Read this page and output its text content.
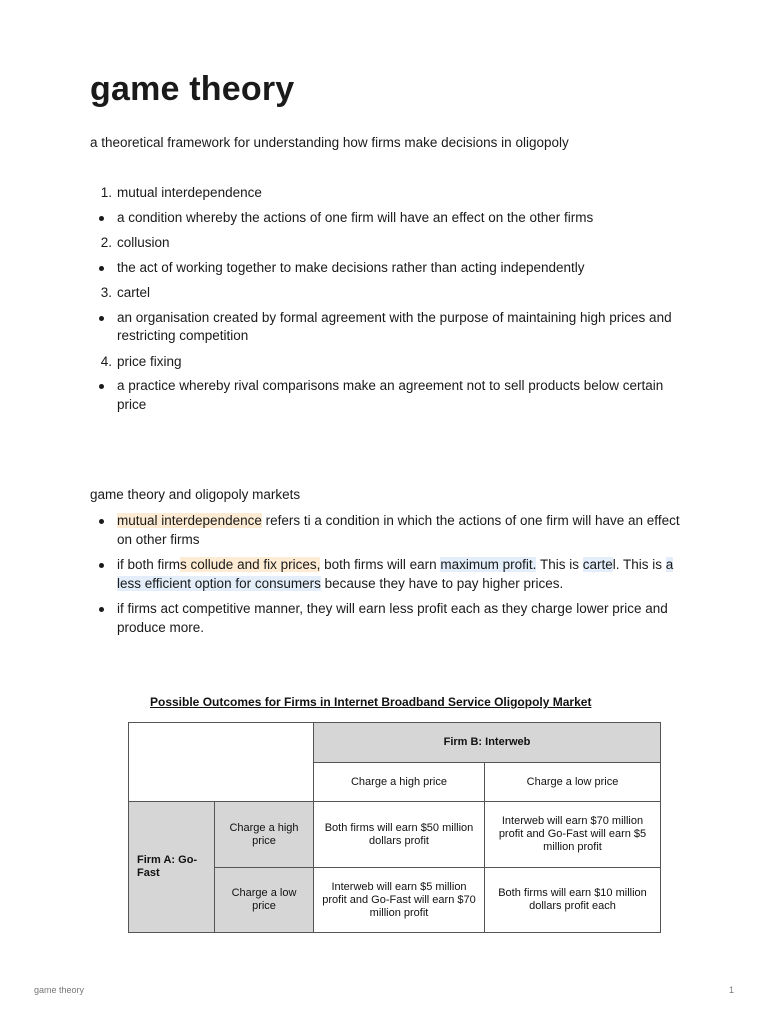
game theory
a theoretical framework for understanding how firms make decisions in oligopoly
1. mutual interdependence
a condition whereby the actions of one firm will have an effect on the other firms
2. collusion
the act of working together to make decisions rather than acting independently
3. cartel
an organisation created by formal agreement with the purpose of maintaining high prices and restricting competition
4. price fixing
a practice whereby rival comparisons make an agreement not to sell products below certain price
game theory and oligopoly markets
mutual interdependence refers ti a condition in which the actions of one firm will have an effect on other firms
if both firms collude and fix prices, both firms will earn maximum profit. This is cartel. This is a less efficient option for consumers because they have to pay higher prices.
if firms act competitive manner, they will earn less profit each as they charge lower price and produce more.
Possible Outcomes for Firms in Internet Broadband Service Oligopoly Market
		Firm B: Interweb	
		Charge a high price	Charge a low price
Firm A: Go-Fast	Charge a high price	Both firms will earn $50 million dollars profit	Interweb will earn $70 million profit and Go-Fast will earn $5 million profit
	Charge a low price	Interweb will earn $5 million profit and Go-Fast will earn $70 million profit	Both firms will earn $10 million dollars profit each
game theory	1
